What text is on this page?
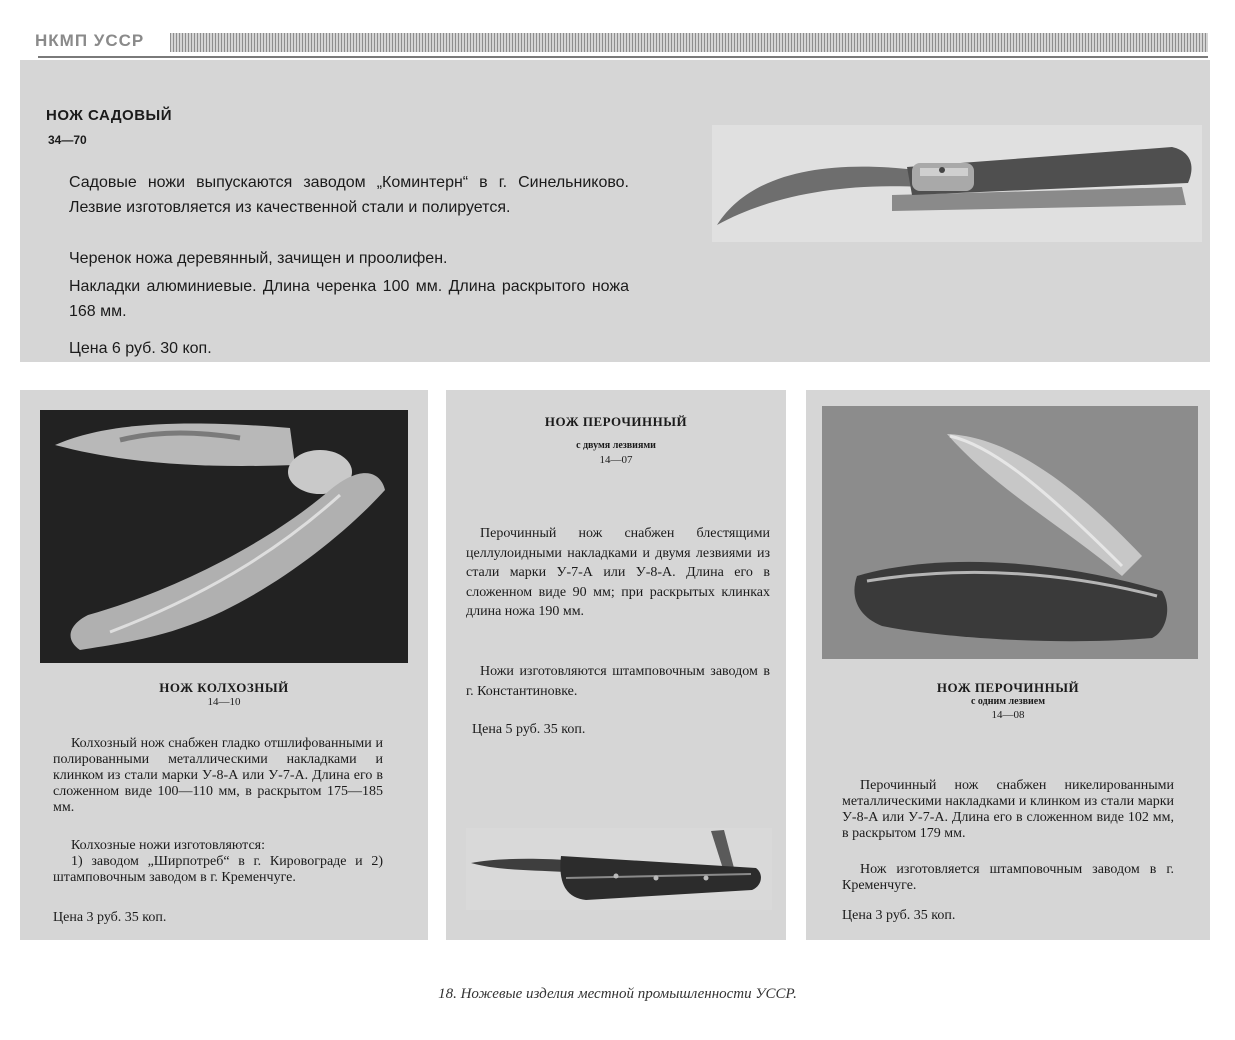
НКМП УССР
НОЖ САДОВЫЙ
34—70

Садовые ножи выпускаются заводом „Коминтерн“ в г. Синельниково. Лезвие изготовляется из качественной стали и полируется.

Черенок ножа деревянный, зачищен и проолифен.

Накладки алюминиевые. Длина черенка 100 мм. Длина раскрытого ножа 168 мм.

Цена 6 руб. 30 коп.
НОЖ КОЛХОЗНЫЙ
14—10

Колхозный нож снабжен гладко отшлифованными и полированными металлическими накладками и клинком из стали марки У-8-А или У-7-А. Длина его в сложенном виде 100—110 мм, в раскрытом 175—185 мм.

Колхозные ножи изготовляются:

1) заводом „Ширпотреб“ в г. Кировограде и 2) штамповочным заводом в г. Кременчуге.

Цена 3 руб. 35 коп.
НОЖ ПЕРОЧИННЫЙ
с двумя лезвиями
14—07

Перочинный нож снабжен блестящими целлулоидными накладками и двумя лезвиями из стали марки У-7-А или У-8-А. Длина его в сложенном виде 90 мм; при раскрытых клинках длина ножа 190 мм.

Ножи изготовляются штамповочным заводом в г. Константиновке.

Цена 5 руб. 35 коп.
НОЖ ПЕРОЧИННЫЙ
с одним лезвием
14—08

Перочинный нож снабжен никелированными металлическими накладками и клинком из стали марки У-8-А или У-7-А. Длина его в сложенном виде 102 мм, в раскрытом 179 мм.

Нож изготовляется штамповочным заводом в г. Кременчуге.

Цена 3 руб. 35 коп.
18. Ножевые изделия местной промышленности УССР.
